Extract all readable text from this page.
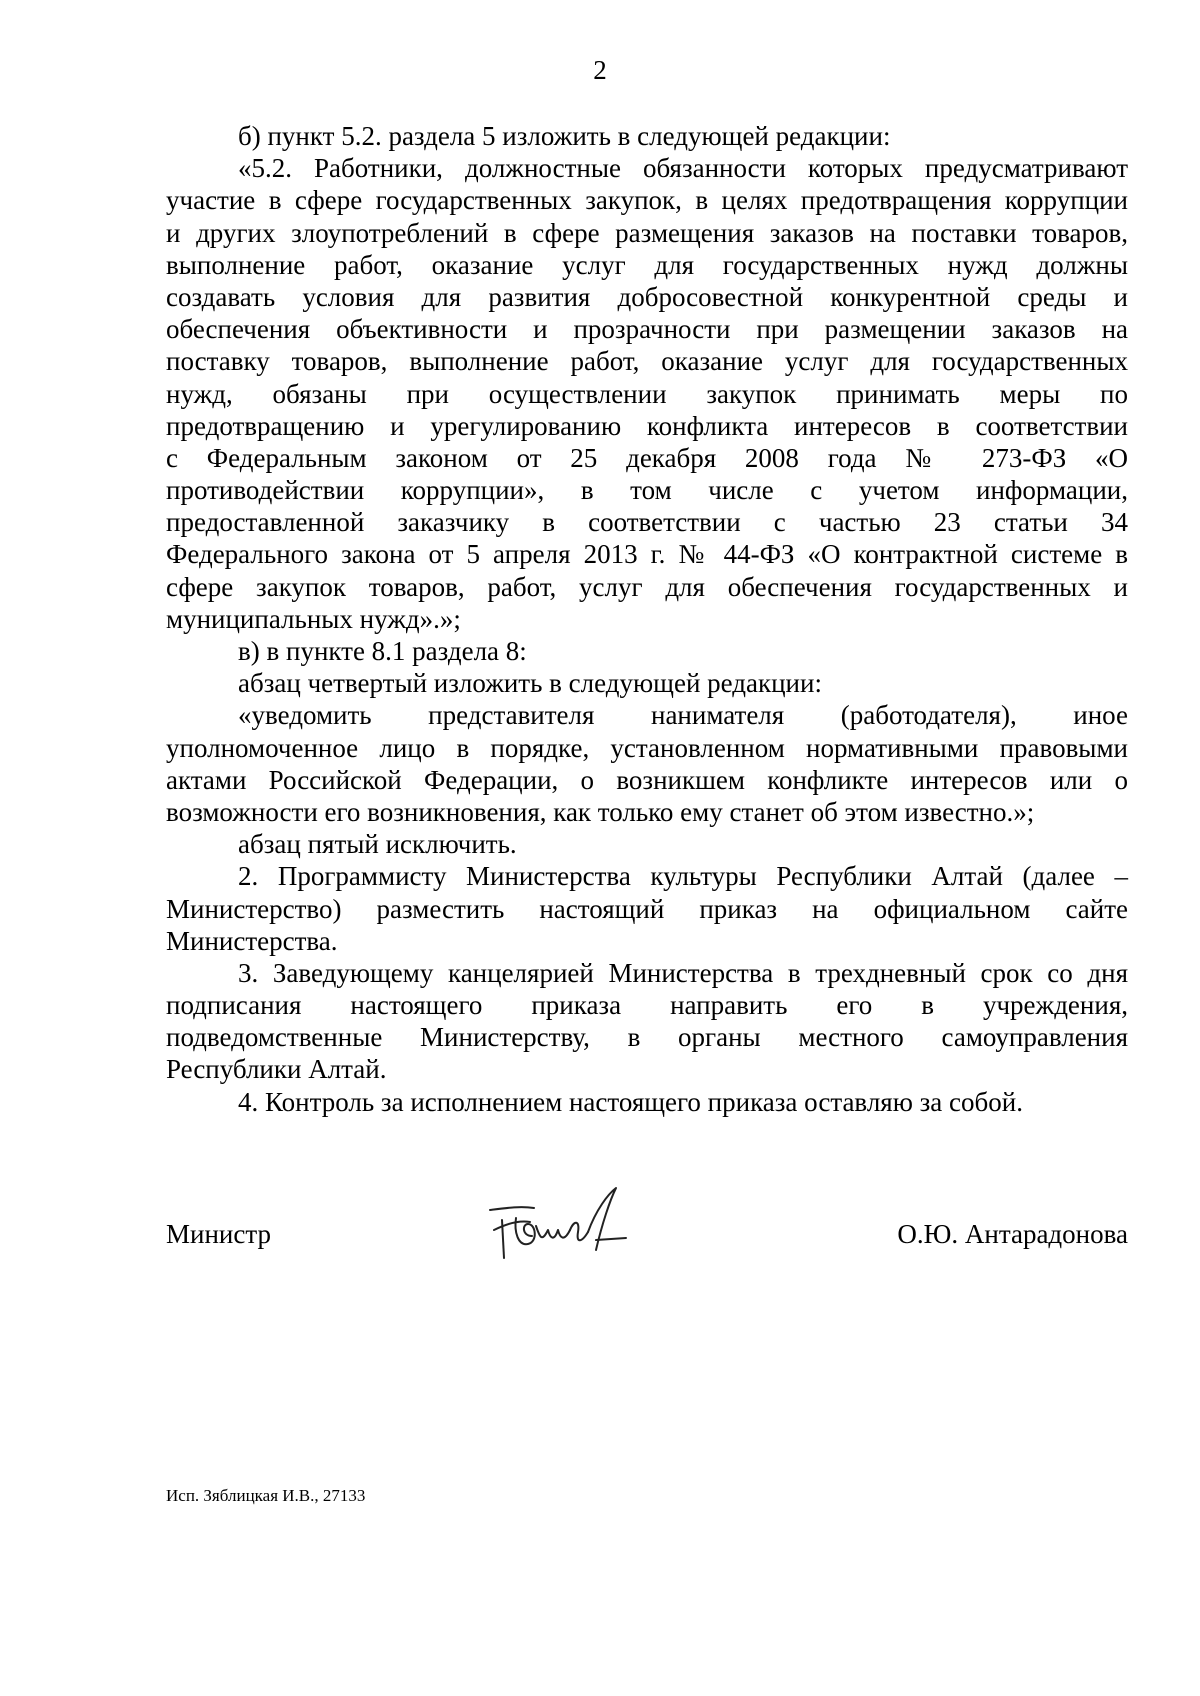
2
б) пункт 5.2. раздела 5 изложить в следующей редакции:
«5.2. Работники, должностные обязанности которых предусматривают
участие в сфере государственных закупок, в целях предотвращения коррупции
и других злоупотреблений в сфере размещения заказов на поставки товаров,
выполнение работ, оказание услуг для государственных нужд должны
создавать условия для развития добросовестной конкурентной среды и
обеспечения объективности и прозрачности при размещении заказов на
поставку товаров, выполнение работ, оказание услуг для государственных
нужд, обязаны при осуществлении закупок принимать меры по
предотвращению и урегулированию конфликта интересов в соответствии
с Федеральным законом от 25 декабря 2008 года № 273-ФЗ «О
противодействии коррупции», в том числе с учетом информации,
предоставленной заказчику в соответствии с частью 23 статьи 34
Федерального закона от 5 апреля 2013 г. № 44-ФЗ «О контрактной системе в
сфере закупок товаров, работ, услуг для обеспечения государственных и
муниципальных нужд».»;
в) в пункте 8.1 раздела 8:
абзац четвертый изложить в следующей редакции:
«уведомить представителя нанимателя (работодателя), иное
уполномоченное лицо в порядке, установленном нормативными правовыми
актами Российской Федерации, о возникшем конфликте интересов или о
возможности его возникновения, как только ему станет об этом известно.»;
абзац пятый исключить.
2. Программисту Министерства культуры Республики Алтай (далее –
Министерство) разместить настоящий приказ на официальном сайте
Министерства.
3. Заведующему канцелярией Министерства в трехдневный срок со дня
подписания настоящего приказа направить его в учреждения,
подведомственные Министерству, в органы местного самоуправления
Республики Алтай.
4. Контроль за исполнением настоящего приказа оставляю за собой.
Министр	О.Ю. Антарадонова
Исп. Зяблицкая И.В., 27133
